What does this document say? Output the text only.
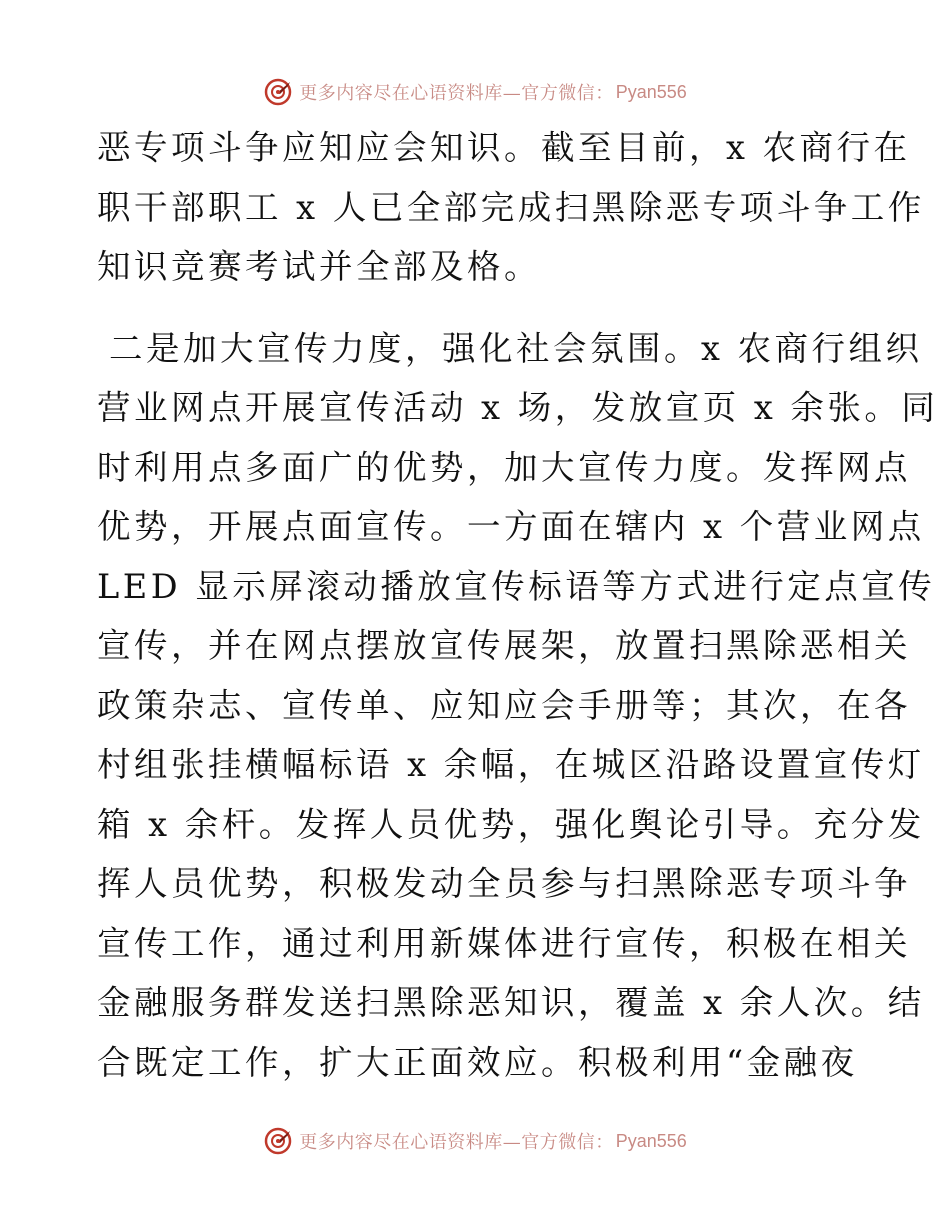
更多内容尽在心语资料库—官方微信： Pyan556
恶专项斗争应知应会知识。截至目前，x 农商行在
职干部职工 x 人已全部完成扫黑除恶专项斗争工作
知识竞赛考试并全部及格。
二是加大宣传力度，强化社会氛围。x 农商行组织
营业网点开展宣传活动 x 场，发放宣页 x 余张。同
时利用点多面广的优势，加大宣传力度。发挥网点
优势，开展点面宣传。一方面在辖内 x 个营业网点
LED 显示屏滚动播放宣传标语等方式进行定点宣传
宣传，并在网点摆放宣传展架，放置扫黑除恶相关
政策杂志、宣传单、应知应会手册等；其次，在各
村组张挂横幅标语 x 余幅，在城区沿路设置宣传灯
箱 x 余杆。发挥人员优势，强化舆论引导。充分发
挥人员优势，积极发动全员参与扫黑除恶专项斗争
宣传工作，通过利用新媒体进行宣传，积极在相关
金融服务群发送扫黑除恶知识，覆盖 x 余人次。结
合既定工作，扩大正面效应。积极利用“金融夜
更多内容尽在心语资料库—官方微信： Pyan556
